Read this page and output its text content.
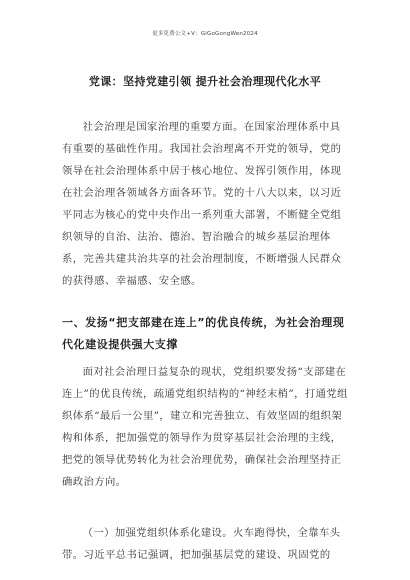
更多免费公文+V：GiGoGongWen2024
党课：坚持党建引领 提升社会治理现代化水平

社会治理是国家治理的重要方面。在国家治理体系中具有重要的基础性作用。我国社会治理离不开党的领导，党的领导在社会治理体系中居于核心地位、发挥引领作用，体现在社会治理各领域各方面各环节。党的十八大以来，以习近平同志为核心的党中央作出一系列重大部署，不断健全党组织领导的自治、法治、德治、智治融合的城乡基层治理体系，完善共建共治共享的社会治理制度，不断增强人民群众的获得感、幸福感、安全感。

一、发扬“把支部建在连上”的优良传统，为社会治理现代化建设提供强大支撑

面对社会治理日益复杂的现状，党组织要发扬“支部建在连上”的优良传统，疏通党组织结构的“神经末梢”，打通党组织体系“最后一公里”，建立和完善独立、有效坚固的组织架构和体系，把加强党的领导作为贯穿基层社会治理的主线，把党的领导优势转化为社会治理优势，确保社会治理坚持正确政治方向。

（一）加强党组织体系化建设。火车跑得快，全靠车头带。习近平总书记强调，把加强基层党的建设、巩固党的
